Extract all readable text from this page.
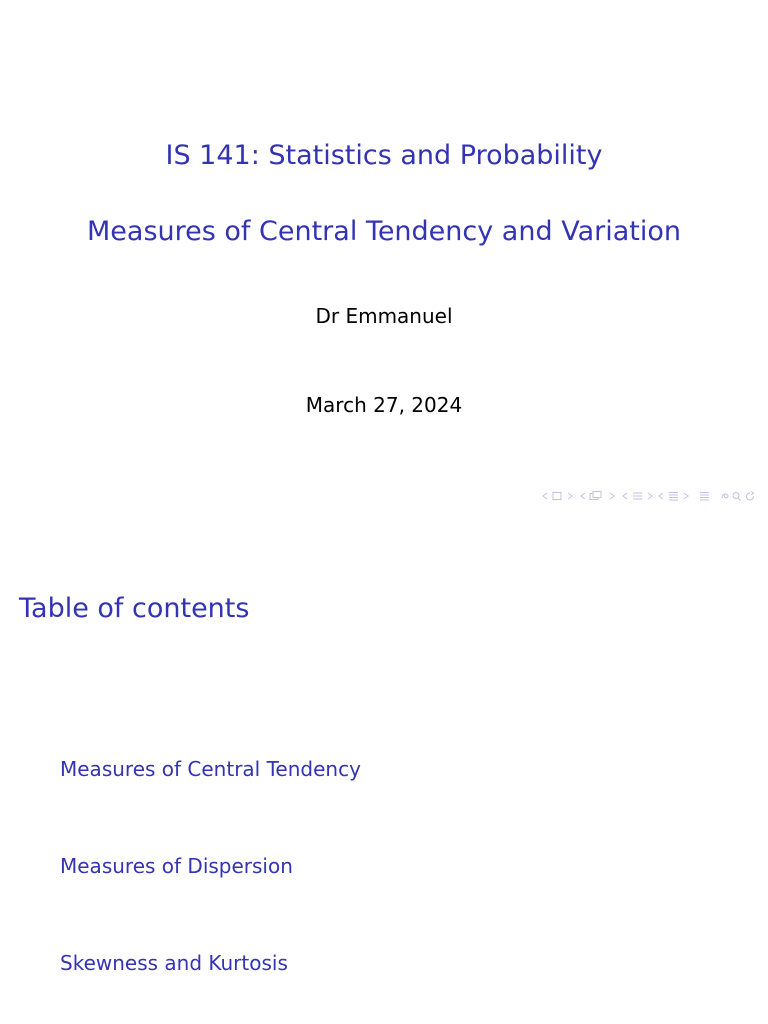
IS 141: Statistics and Probability
Measures of Central Tendency and Variation
Dr Emmanuel
March 27, 2024
Table of contents
Measures of Central Tendency
Measures of Dispersion
Skewness and Kurtosis
